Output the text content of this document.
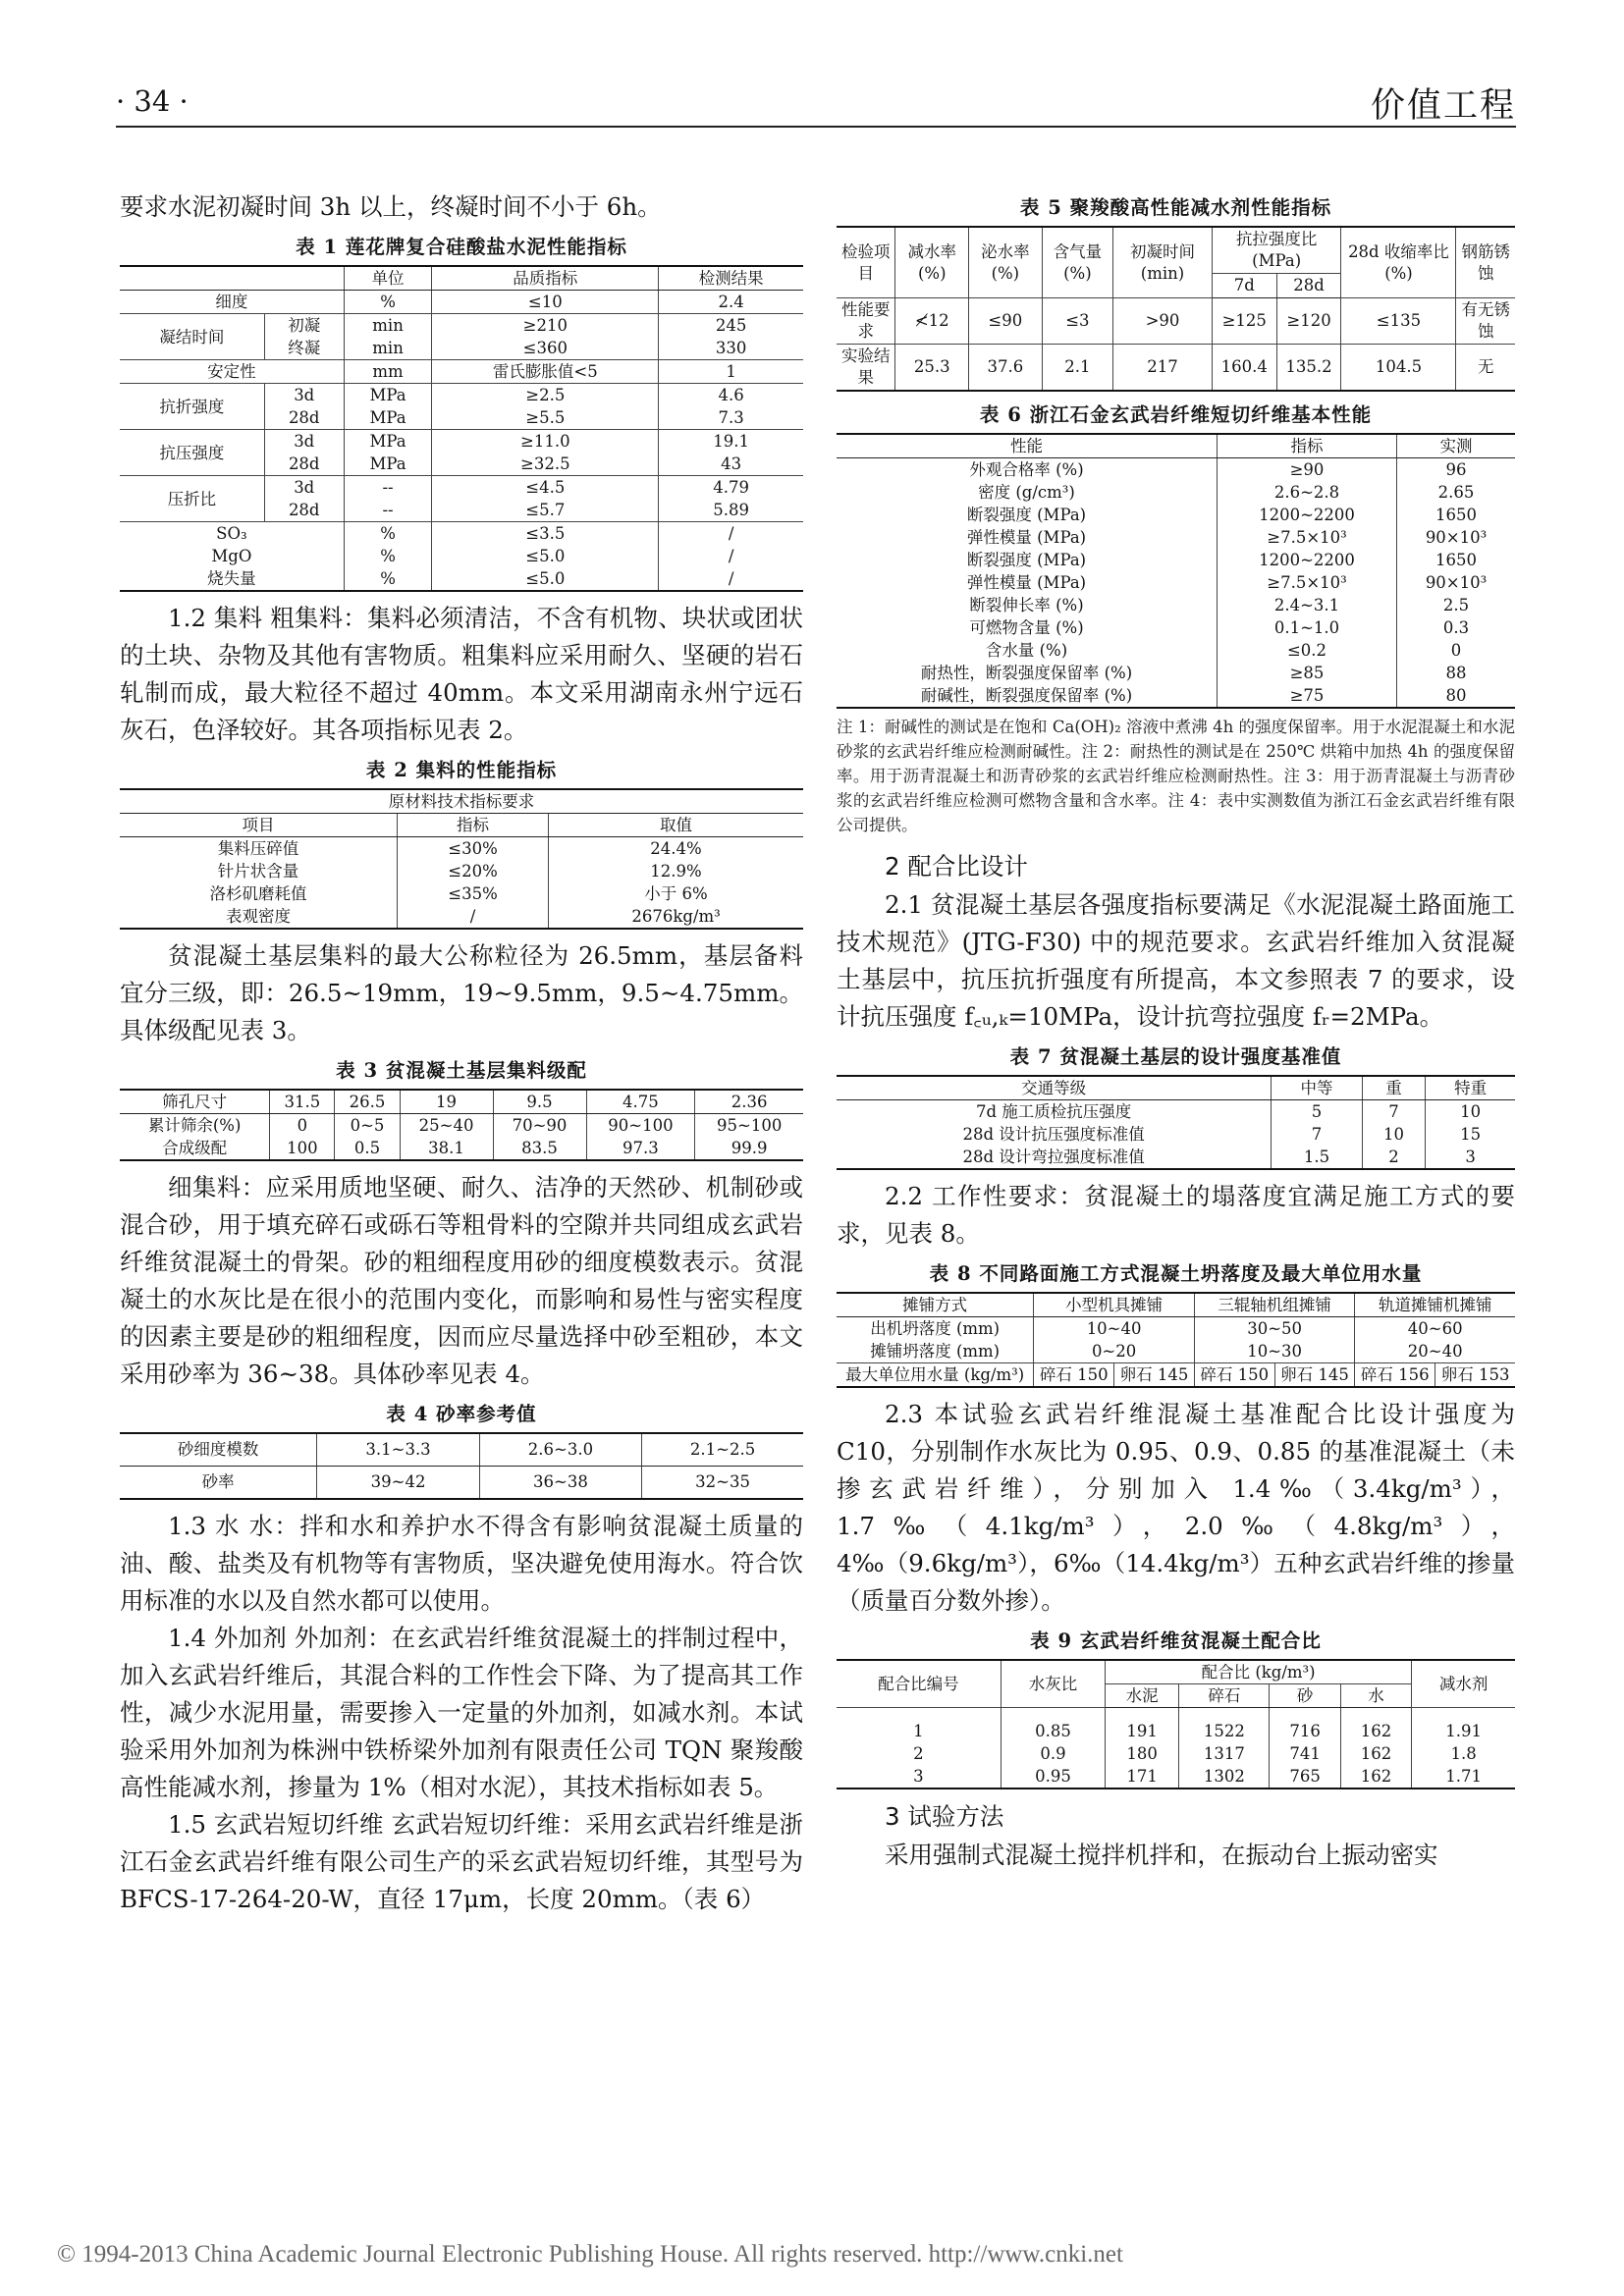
· 34 ·	价值工程

要求水泥初凝时间 3h 以上，终凝时间不小于 6h。

表 1 莲花牌复合硅酸盐水泥性能指标
		单位	品质指标	检测结果
细度		%	≤10	2.4
凝结时间	初凝	min	≥210	245
	终凝	min	≤360	330
安定性		mm	雷氏膨胀值<5	1
抗折强度	3d	MPa	≥2.5	4.6
	28d	MPa	≥5.5	7.3
抗压强度	3d	MPa	≥11.0	19.1
	28d	MPa	≥32.5	43
压折比	3d	--	≤4.5	4.79
	28d	--	≤5.7	5.89
SO₃		%	≤3.5	/
MgO		%	≤5.0	/
烧失量		%	≤5.0	/

1.2 集料 粗集料：集料必须清洁，不含有机物、块状或团状的土块、杂物及其他有害物质。粗集料应采用耐久、坚硬的岩石轧制而成，最大粒径不超过 40mm。本文采用湖南永州宁远石灰石，色泽较好。其各项指标见表 2。

表 2 集料的性能指标
原材料技术指标要求		
项目	指标	取值
集料压碎值	≤30%	24.4%
针片状含量	≤20%	12.9%
洛杉矶磨耗值	≤35%	小于 6%
表观密度	/	2676kg/m³

贫混凝土基层集料的最大公称粒径为 26.5mm，基层备料宜分三级，即：26.5~19mm，19~9.5mm，9.5~4.75mm。具体级配见表 3。

表 3 贫混凝土基层集料级配
筛孔尺寸	31.5	26.5	19	9.5	4.75	2.36
累计筛余(%)	0	0~5	25~40	70~90	90~100	95~100
合成级配	100	0.5	38.1	83.5	97.3	99.9

细集料：应采用质地坚硬、耐久、洁净的天然砂、机制砂或混合砂，用于填充碎石或砾石等粗骨料的空隙并共同组成玄武岩纤维贫混凝土的骨架。砂的粗细程度用砂的细度模数表示。贫混凝土的水灰比是在很小的范围内变化，而影响和易性与密实程度的因素主要是砂的粗细程度，因而应尽量选择中砂至粗砂，本文采用砂率为 36~38。具体砂率见表 4。

表 4 砂率参考值
砂细度模数	3.1~3.3	2.6~3.0	2.1~2.5
砂率	39~42	36~38	32~35

1.3 水 水：拌和水和养护水不得含有影响贫混凝土质量的油、酸、盐类及有机物等有害物质，坚决避免使用海水。符合饮用标准的水以及自然水都可以使用。

1.4 外加剂 外加剂：在玄武岩纤维贫混凝土的拌制过程中，加入玄武岩纤维后，其混合料的工作性会下降、为了提高其工作性，减少水泥用量，需要掺入一定量的外加剂，如减水剂。本试验采用外加剂为株洲中铁桥梁外加剂有限责任公司 TQN 聚羧酸高性能减水剂，掺量为 1%（相对水泥），其技术指标如表 5。

1.5 玄武岩短切纤维 玄武岩短切纤维：采用玄武岩纤维是浙江石金玄武岩纤维有限公司生产的采玄武岩短切纤维，其型号为 BFCS-17-264-20-W，直径 17μm，长度 20mm。（表 6）

表 5 聚羧酸高性能减水剂性能指标
检验项目	减水率(%)	泌水率(%)	含气量(%)	初凝时间(min)	抗拉强度比(MPa)		28d 收缩率比(%)	钢筋锈蚀
					7d	28d		
性能要求	≮12	≤90	≤3	>90	≥125	≥120	≤135	有无锈蚀
实验结果	25.3	37.6	2.1	217	160.4	135.2	104.5	无
表 6 浙江石金玄武岩纤维短切纤维基本性能
性能	指标	实测
外观合格率 (%)	≥90	96
密度 (g/cm³)	2.6~2.8	2.65
断裂强度 (MPa)	1200~2200	1650
弹性模量 (MPa)	≥7.5×10³	90×10³
断裂强度 (MPa)	1200~2200	1650
弹性模量 (MPa)	≥7.5×10³	90×10³
断裂伸长率 (%)	2.4~3.1	2.5
可燃物含量 (%)	0.1~1.0	0.3
含水量 (%)	≤0.2	0
耐热性，断裂强度保留率 (%)	≥85	88
耐碱性，断裂强度保留率 (%)	≥75	80
注 1：耐碱性的测试是在饱和 Ca(OH)₂ 溶液中煮沸 4h 的强度保留率。用于水泥混凝土和水泥砂浆的玄武岩纤维应检测耐碱性。注 2：耐热性的测试是在 250℃ 烘箱中加热 4h 的强度保留率。用于沥青混凝土和沥青砂浆的玄武岩纤维应检测耐热性。注 3：用于沥青混凝土与沥青砂浆的玄武岩纤维应检测可燃物含量和含水率。注 4：表中实测数值为浙江石金玄武岩纤维有限公司提供。
2 配合比设计

2.1 贫混凝土基层各强度指标要满足《水泥混凝土路面施工技术规范》(JTG-F30) 中的规范要求。玄武岩纤维加入贫混凝土基层中，抗压抗折强度有所提高，本文参照表 7 的要求，设计抗压强度 f꜀ᵤ,ₖ=10MPa，设计抗弯拉强度 fᵣ=2MPa。

表 7 贫混凝土基层的设计强度基准值
交通等级	中等	重	特重
7d 施工质检抗压强度	5	7	10
28d 设计抗压强度标准值	7	10	15
28d 设计弯拉强度标准值	1.5	2	3

2.2 工作性要求：贫混凝土的塌落度宜满足施工方式的要求，见表 8。

表 8 不同路面施工方式混凝土坍落度及最大单位用水量
摊铺方式	小型机具摊铺		三辊轴机组摊铺		轨道摊铺机摊铺	
出机坍落度 (mm)	10~40		30~50		40~60	
摊铺坍落度 (mm)	0~20		10~30		20~40	
最大单位用水量 (kg/m³)	碎石 150	卵石 145	碎石 150	卵石 145	碎石 156	卵石 153

2.3 本试验玄武岩纤维混凝土基准配合比设计强度为 C10，分别制作水灰比为 0.95、0.9、0.85 的基准混凝土（未掺玄武岩纤维），分别加入 1.4‰（3.4kg/m³），1.7‰（4.1kg/m³），2.0‰（4.8kg/m³），4‰（9.6kg/m³），6‰（14.4kg/m³）五种玄武岩纤维的掺量（质量百分数外掺）。

表 9 玄武岩纤维贫混凝土配合比
配合比编号	水灰比	配合比 (kg/m³)				减水剂
		水泥	碎石	砂	水	

1	0.85	191	1522	716	162	1.91
2	0.9	180	1317	741	162	1.8
3	0.95	171	1302	765	162	1.71
3 试验方法

采用强制式混凝土搅拌机拌和，在振动台上振动密实

© 1994-2013 China Academic Journal Electronic Publishing House. All rights reserved. http://www.cnki.net
